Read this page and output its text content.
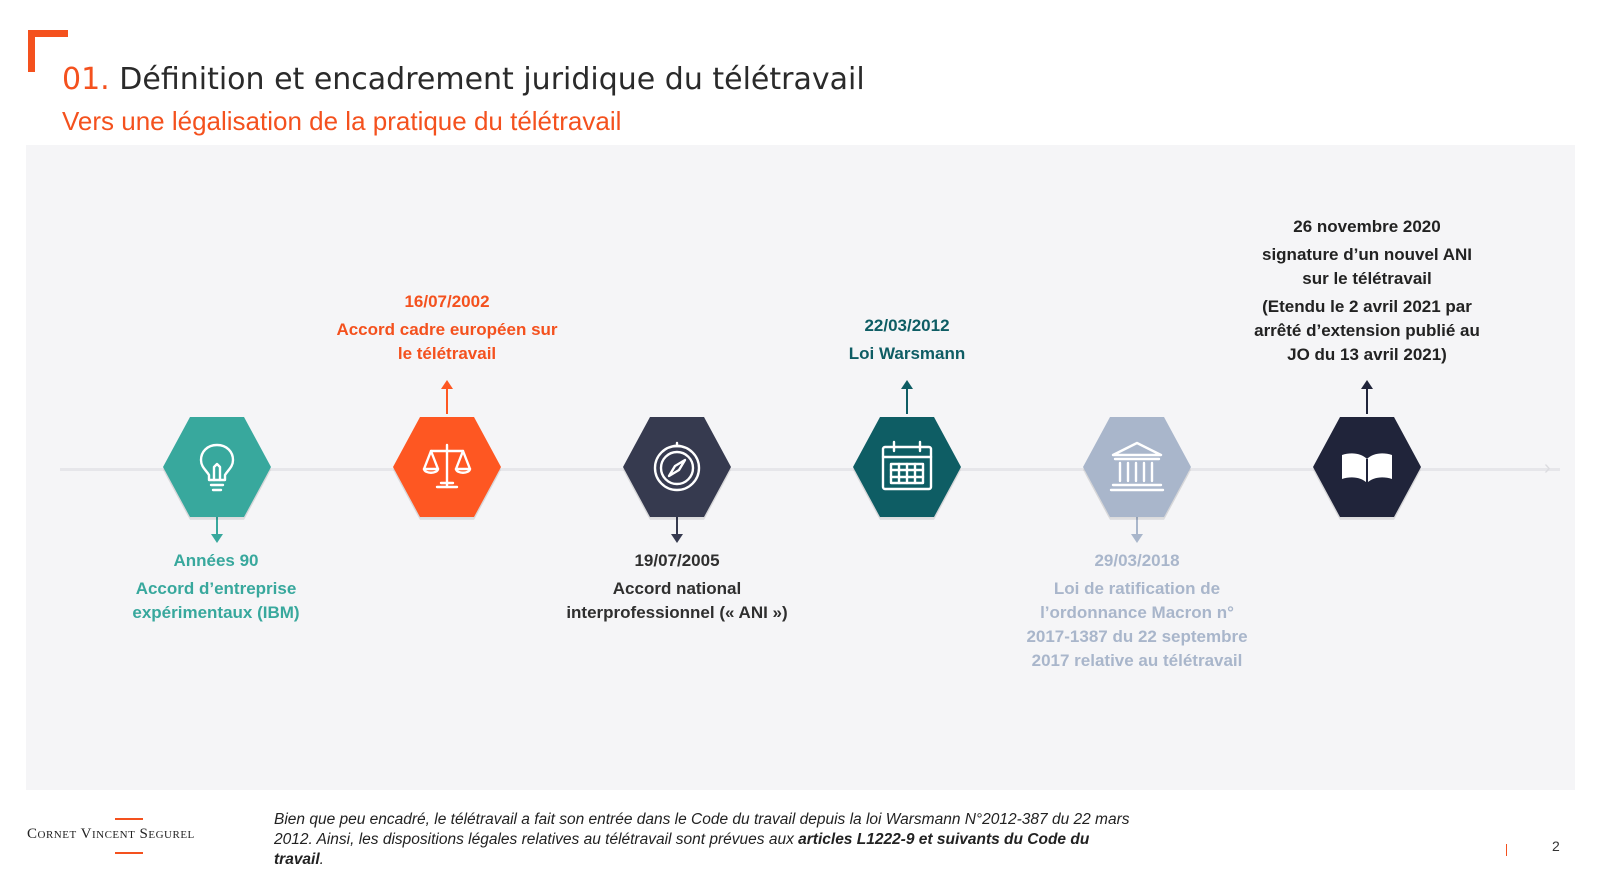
01. Définition et encadrement juridique du télétravail
Vers une légalisation de la pratique du télétravail
›
Années 90
Accord d’entreprise
expérimentaux (IBM)
16/07/2002
Accord cadre européen sur
le télétravail
19/07/2005
Accord national
interprofessionnel (« ANI »)
22/03/2012
Loi Warsmann
29/03/2018
Loi de ratification de
l’ordonnance Macron n°
2017-1387 du 22 septembre
2017 relative au télétravail
26 novembre 2020
signature d’un nouvel ANI
sur le télétravail
(Etendu le 2 avril 2021 par
arrêté d’extension publié au
JO du 13 avril 2021)
Cornet Vincent Segurel
Bien que peu encadré, le télétravail a fait son entrée dans le Code du travail depuis la loi Warsmann N°2012-387 du 22 mars 2012. Ainsi, les dispositions légales relatives au télétravail sont prévues aux articles L1222-9 et suivants du Code du travail.
2
